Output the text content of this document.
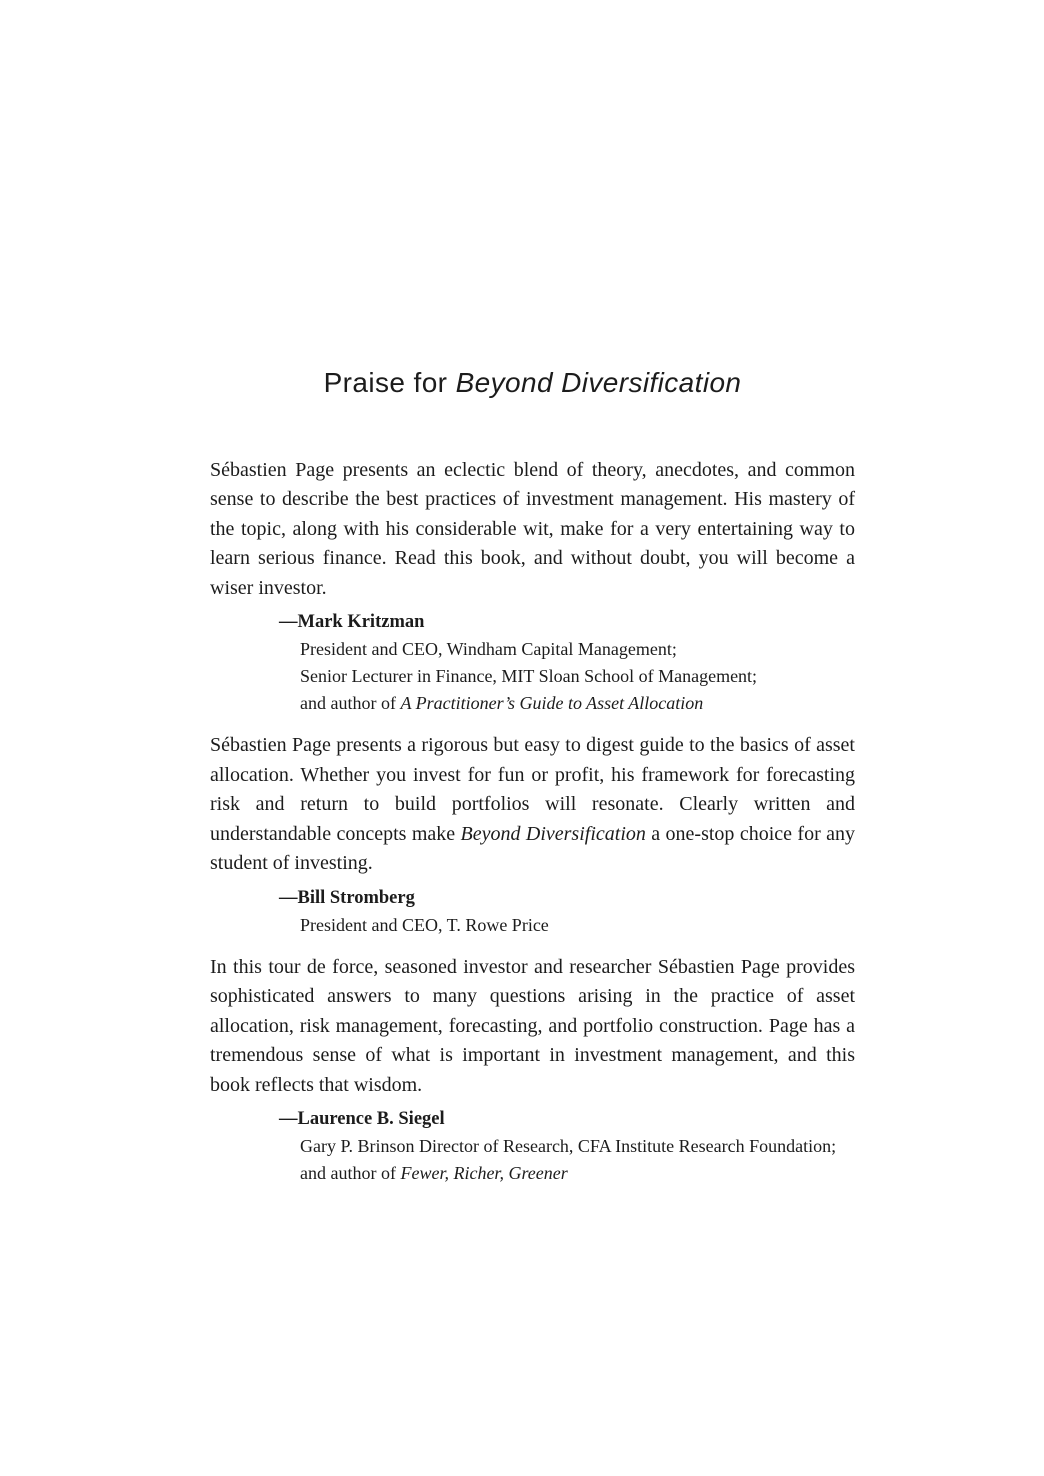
Praise for Beyond Diversification

Sébastien Page presents an eclectic blend of theory, anecdotes, and common sense to describe the best practices of investment management. His mastery of the topic, along with his considerable wit, make for a very entertaining way to learn serious finance. Read this book, and without doubt, you will become a wiser investor.

—Mark Kritzman
President and CEO, Windham Capital Management;
Senior Lecturer in Finance, MIT Sloan School of Management;
and author of A Practitioner’s Guide to Asset Allocation

Sébastien Page presents a rigorous but easy to digest guide to the basics of asset allocation. Whether you invest for fun or profit, his framework for forecasting risk and return to build portfolios will resonate. Clearly written and understandable concepts make Beyond Diversification a one-stop choice for any student of investing.

—Bill Stromberg
President and CEO, T. Rowe Price

In this tour de force, seasoned investor and researcher Sébastien Page provides sophisticated answers to many questions arising in the practice of asset allocation, risk management, forecasting, and portfolio construction. Page has a tremendous sense of what is important in investment management, and this book reflects that wisdom.

—Laurence B. Siegel
Gary P. Brinson Director of Research, CFA Institute Research Foundation;
and author of Fewer, Richer, Greener
